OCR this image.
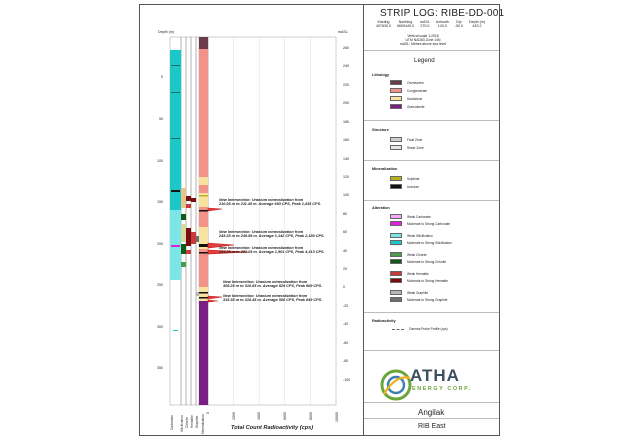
STRIP LOG: RIBE-DD-001
Easting
497830.0
Northing
6609449.0
mASL
270.0
Azimuth
143.0
Dip
-50.0
Depth (m)
443.2
Vertical scale 1:2016
UTM NAD83 Zone 14N
mASL: Metres above sea level
Depth (m)	mASL
0
50
100
150
200
250
300
350
260
240
220
200
180
160
140
120
100
80
60
40
20
0
-20
-40
-60
-80
-100
Carbonate Silicification Chlorite Hematite Graphite Mineralization
0	2000	4000	6000	8000	10000
Total Count Radioactivity (cps)
New Intersection: Uranium mineralization from
210.05 m to 211.45 m. Average 693 CPS, Peak 1,435 CPS.
New Intersection: Uranium mineralization from
245.25 m to 249.95 m. Average 1,142 CPS, Peak 2,180 CPS.
New Intersection: Uranium mineralization from
251.05 m to 252.05 m. Average 1,901 CPS, Peak 4,413 CPS.
New Intersection: Uranium mineralization from
308.25 m to 310.65 m. Average 529 CPS, Peak 969 CPS.
New Intersection: Uranium mineralization from
315.35 m to 316.45 m. Average 506 CPS, Peak 849 CPS.
Legend
Lithology
Overburden
Conglomerate
Sandstone
Granodiorite
Structure
Fault Zone
Shear Zone
Mineralization
Sulphide
Uranium
Alteration
Weak Carbonate
Moderate to Strong Carbonate
Weak Silicification
Moderate to Strong Silicification
Weak Chlorite
Moderate to Strong Chlorite
Weak Hematite
Moderate to Strong Hematite
Weak Graphite
Moderate to Strong Graphite
Radioactivity
Gamma Probe Profile (cps)
ATHA
ENERGY CORP.
Angilak
RIB East
